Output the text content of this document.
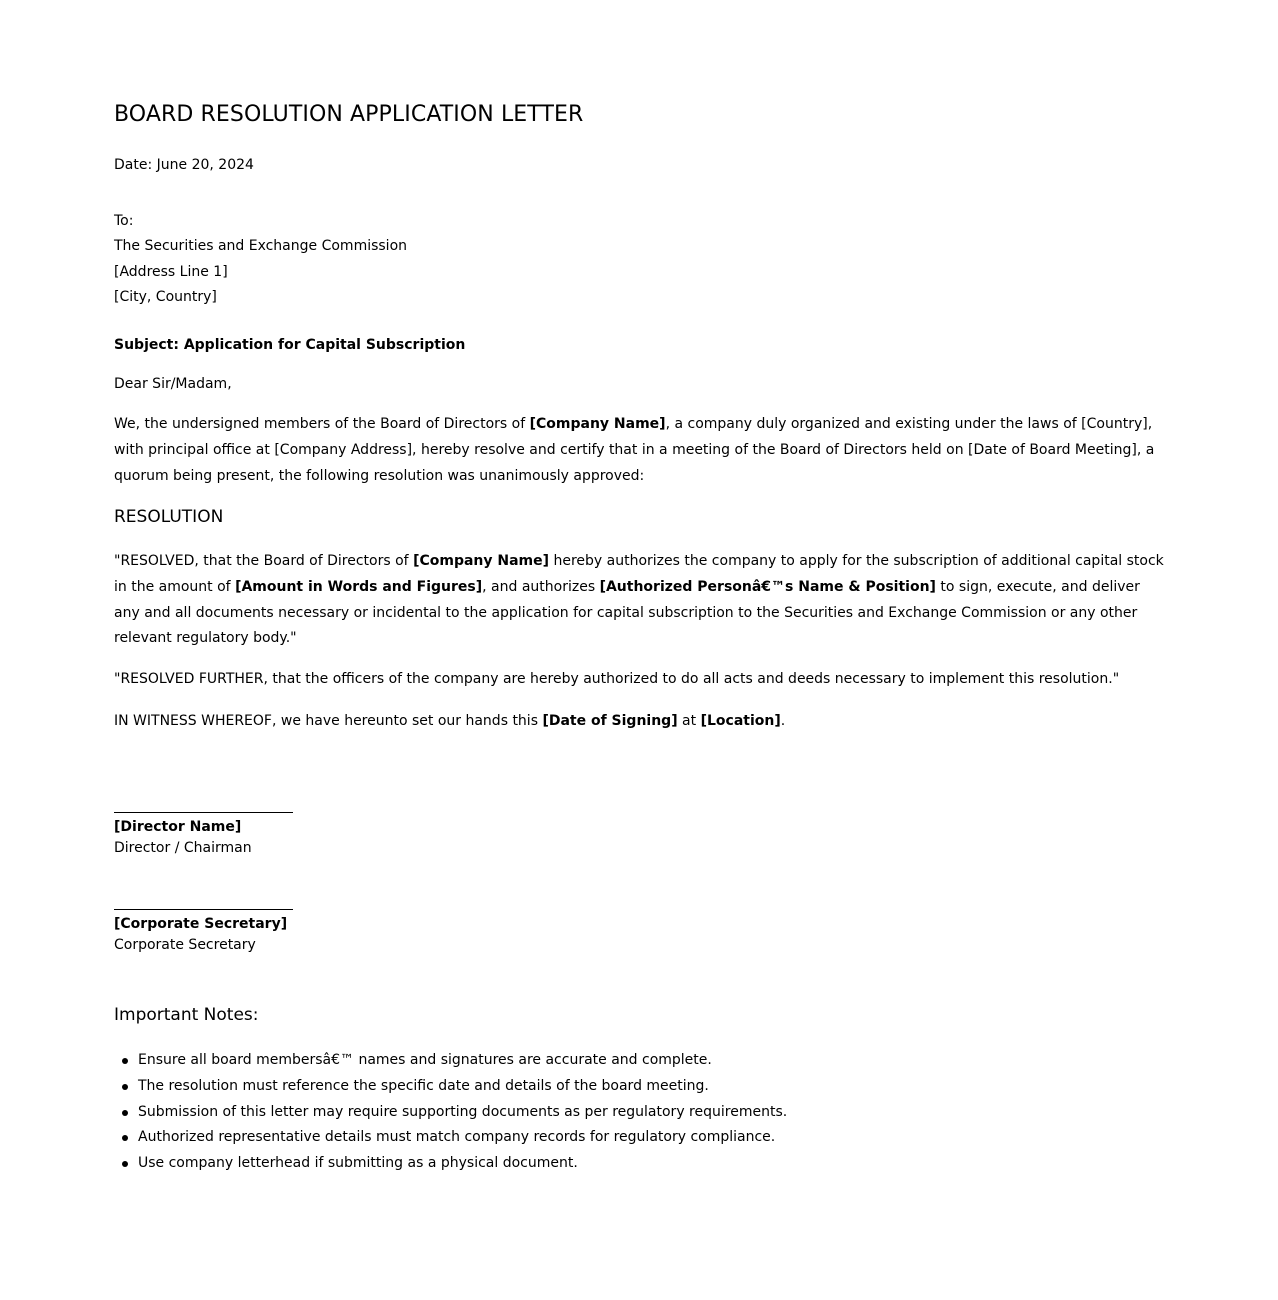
BOARD RESOLUTION APPLICATION LETTER
Date: June 20, 2024
To:
The Securities and Exchange Commission
[Address Line 1]
[City, Country]
Subject: Application for Capital Subscription
Dear Sir/Madam,

We, the undersigned members of the Board of Directors of [Company Name], a company duly organized and existing under the laws of [Country], with principal office at [Company Address], hereby resolve and certify that in a meeting of the Board of Directors held on [Date of Board Meeting], a quorum being present, the following resolution was unanimously approved:

RESOLUTION

"RESOLVED, that the Board of Directors of [Company Name] hereby authorizes the company to apply for the subscription of additional capital stock in the amount of [Amount in Words and Figures], and authorizes [Authorized Personâ€™s Name & Position] to sign, execute, and deliver any and all documents necessary or incidental to the application for capital subscription to the Securities and Exchange Commission or any other relevant regulatory body."

"RESOLVED FURTHER, that the officers of the company are hereby authorized to do all acts and deeds necessary to implement this resolution."

IN WITNESS WHEREOF, we have hereunto set our hands this [Date of Signing] at [Location].

[Director Name]
Director / Chairman
[Corporate Secretary]
Corporate Secretary
Important Notes:
Ensure all board membersâ€™ names and signatures are accurate and complete.
The resolution must reference the specific date and details of the board meeting.
Submission of this letter may require supporting documents as per regulatory requirements.
Authorized representative details must match company records for regulatory compliance.
Use company letterhead if submitting as a physical document.
